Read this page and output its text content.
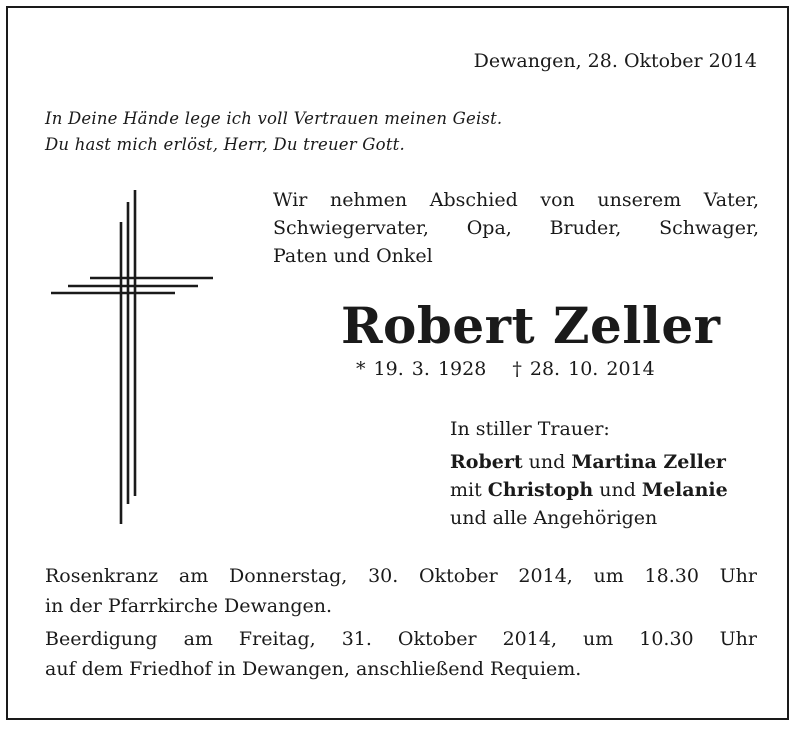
Dewangen, 28. Oktober 2014
In Deine Hände lege ich voll Vertrauen meinen Geist.
Du hast mich erlöst, Herr, Du treuer Gott.
Wir nehmen Abschied von unserem Vater,
Schwiegervater, Opa, Bruder, Schwager,
Paten und Onkel
Robert Zeller
* 19. 3. 1928 † 28. 10. 2014
In stiller Trauer:
Robert und Martina Zeller
mit Christoph und Melanie
und alle Angehörigen
Rosenkranz am Donnerstag, 30. Oktober 2014, um 18.30 Uhr
in der Pfarrkirche Dewangen.
Beerdigung am Freitag, 31. Oktober 2014, um 10.30 Uhr
auf dem Friedhof in Dewangen, anschließend Requiem.
